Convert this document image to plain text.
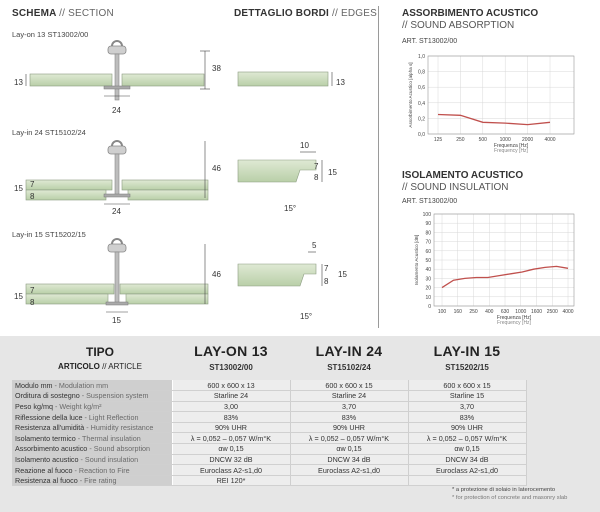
SCHEMA // SECTION	DETTAGLIO BORDI // EDGES
Lay-on 13 ST13002/00
13
24
38
13
Lay-in 24 ST15102/24
15 7
8
24
46
10
7
8
15
15°
Lay-in 15 ST15202/15
15
7
8
15
46
5
7
8
15
15°
ASSORBIMENTO ACUSTICO
// SOUND ABSORPTION
ART. ST13002/00
1,0
0,8
0,6
0,4
0,2
0,0
125	250	500	1000 2000 4000
Frequenza [Hz]
Frequency [Hz]
Assorbimento Acustico [alpha s]
ISOLAMENTO ACUSTICO
// SOUND INSULATION
ART. ST13002/00
100
90
80
70
60
50
40
30
20
10
0
100 160 250 400 630 1000 1600 2500 4000
Frequenza [Hz]
Frequency [Hz]
Isolamento Acustico [dB]
TIPO
ARTICOLO // ARTICLE
LAY-ON 13
ST13002/00
LAY-IN 24
ST15102/24
LAY-IN 15
ST15202/15
Modulo mm - Modulation mm	600 x 600 x 13	600 x 600 x 15	600 x 600 x 15
Orditura di sostegno - Suspension system	Starline 24	Starline 24	Starline 15
Peso kg/mq - Weight kg/m²	3,00	3,70	3,70
Riflessione della luce - Light Reflection	83%	83%	83%
Resistenza all'umidità - Humidity resistance	90% UHR	90% UHR	90% UHR
Isolamento termico - Thermal insulation	λ = 0,052 – 0,057 W/m°K	λ = 0,052 – 0,057 W/m°K	λ = 0,052 – 0,057 W/m°K
Assorbimento acustico - Sound absorption	αw 0,15	αw 0,15	αw 0,15
Isolamento acustico - Sound insulation	DNCW 32 dB	DNCW 34 dB	DNCW 34 dB
Reazione al fuoco - Reaction to Fire	Euroclass A2-s1,d0	Euroclass A2-s1,d0	Euroclass A2-s1,d0
Resistenza al fuoco - Fire rating	REI 120*		
* a protezione di solaio in laterocemento
* for protection of concrete and masonry slab
